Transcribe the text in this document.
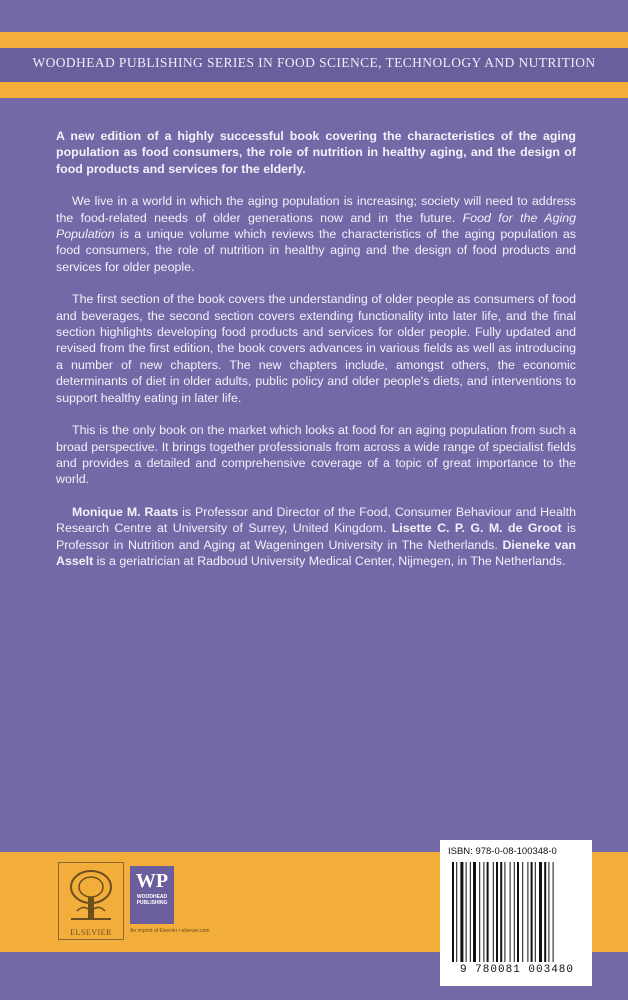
WOODHEAD PUBLISHING SERIES IN FOOD SCIENCE, TECHNOLOGY AND NUTRITION

A new edition of a highly successful book covering the characteristics of the aging population as food consumers, the role of nutrition in healthy aging, and the design of food products and services for the elderly.

We live in a world in which the aging population is increasing; society will need to address the food-related needs of older generations now and in the future. Food for the Aging Population is a unique volume which reviews the characteristics of the aging population as food consumers, the role of nutrition in healthy aging and the design of food products and services for older people.

The first section of the book covers the understanding of older people as consumers of food and beverages, the second section covers extending functionality into later life, and the final section highlights developing food products and services for older people. Fully updated and revised from the first edition, the book covers advances in various fields as well as introducing a number of new chapters. The new chapters include, amongst others, the economic determinants of diet in older adults, public policy and older people's diets, and interventions to support healthy eating in later life.

This is the only book on the market which looks at food for an aging population from such a broad perspective. It brings together professionals from across a wide range of specialist fields and provides a detailed and comprehensive coverage of a topic of great importance to the world.

Monique M. Raats is Professor and Director of the Food, Consumer Behaviour and Health Research Centre at University of Surrey, United Kingdom. Lisette C. P. G. M. de Groot is Professor in Nutrition and Aging at Wageningen University in The Netherlands. Dieneke van Asselt is a geriatrician at Radboud University Medical Center, Nijmegen, in The Netherlands.

ELSEVIER
WP
WOODHEAD
PUBLISHING
An imprint of Elsevier • elsevier.com
ISBN: 978-0-08-100348-0
9 780081 003480
